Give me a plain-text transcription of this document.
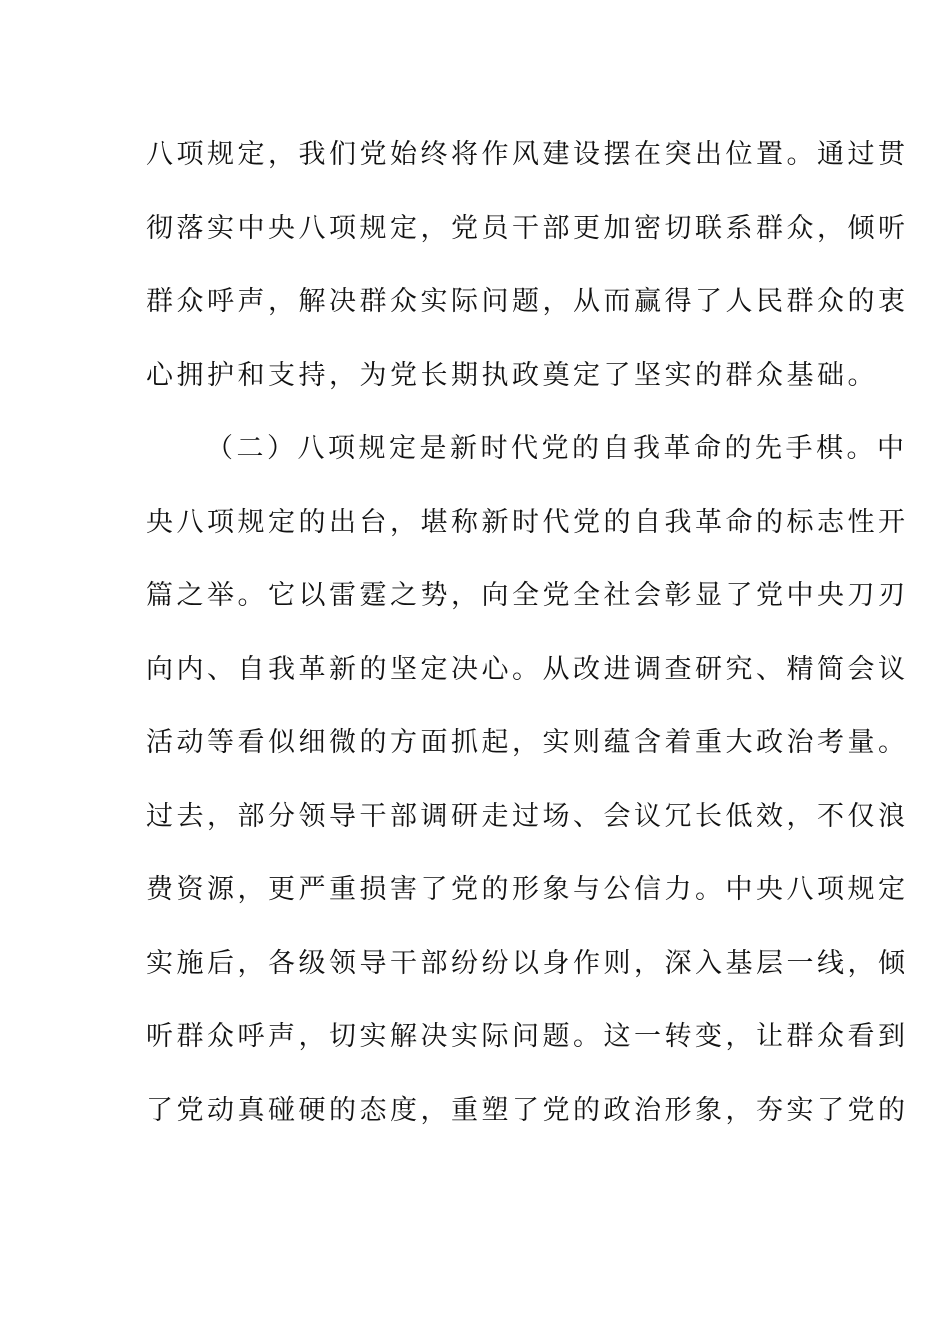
八项规定，我们党始终将作风建设摆在突出位置。通过贯
彻落实中央八项规定，党员干部更加密切联系群众，倾听
群众呼声，解决群众实际问题，从而赢得了人民群众的衷
心拥护和支持，为党长期执政奠定了坚实的群众基础。
（二）八项规定是新时代党的自我革命的先手棋。中
央八项规定的出台，堪称新时代党的自我革命的标志性开
篇之举。它以雷霆之势，向全党全社会彰显了党中央刀刃
向内、自我革新的坚定决心。从改进调查研究、精简会议
活动等看似细微的方面抓起，实则蕴含着重大政治考量。
过去，部分领导干部调研走过场、会议冗长低效，不仅浪
费资源，更严重损害了党的形象与公信力。中央八项规定
实施后，各级领导干部纷纷以身作则，深入基层一线，倾
听群众呼声，切实解决实际问题。这一转变，让群众看到
了党动真碰硬的态度，重塑了党的政治形象，夯实了党的
